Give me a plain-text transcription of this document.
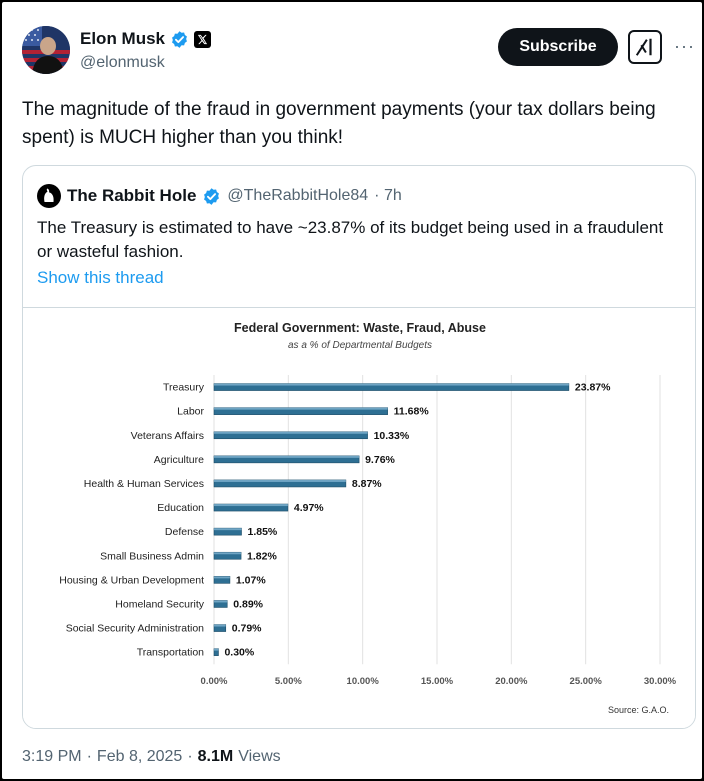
Elon Musk
@elonmusk
Subscribe	···
The magnitude of the fraud in government payments (your tax dollars being spent) is MUCH higher than you think!
The Rabbit Hole @TheRabbitHole84 · 7h
The Treasury is estimated to have ~23.87% of its budget being used in a fraudulent or wasteful fashion.
Show this thread
Federal Government: Waste, Fraud, Abuse
as a % of Departmental Budgets
Treasury	23.87%
Labor	11.68%
Veterans Affairs	10.33%
Agriculture	9.76%
Health & Human Services	8.87%
Education	4.97%
Defense	1.85%
Small Business Admin	1.82%
Housing & Urban Development	1.07%
Homeland Security	0.89%
Social Security Administration	0.79%
Transportation 0.30%
0.00%	5.00%	10.00%	15.00%	20.00%	25.00%	30.00%
Source: G.A.O.
3:19 PM · Feb 8, 2025 · 8.1M Views
